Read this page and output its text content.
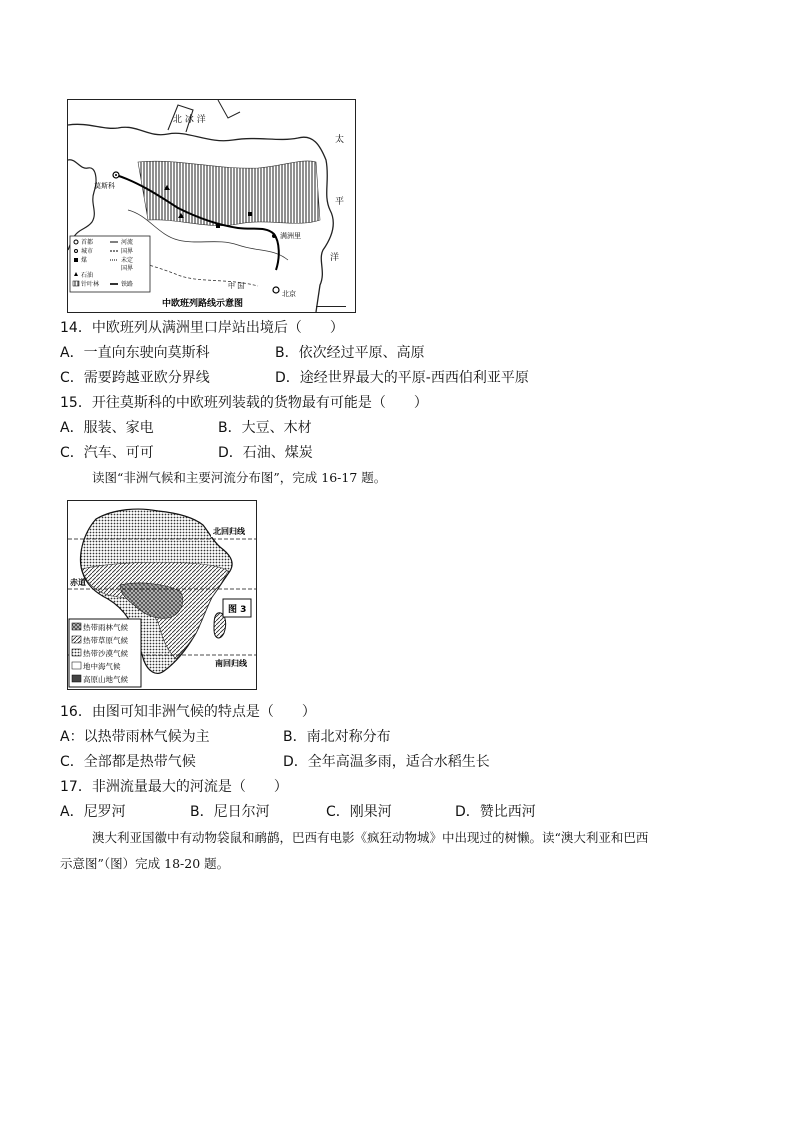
北 冰 洋
太
平
洋
莫斯科
满洲里
中 国
北京
首都	河流
城市	国界
煤	未定
国界
石油
针叶林	铁路
中欧班列路线示意图
14．中欧班列从满洲里口岸站出境后（　　）
A．一直向东驶向莫斯科	B．依次经过平原、高原
C．需要跨越亚欧分界线	D．途经世界最大的平原-西西伯利亚平原
15．开往莫斯科的中欧班列装载的货物最有可能是（　　）
A．服装、家电	B．大豆、木材
C．汽车、可可	D．石油、煤炭
读图“非洲气候和主要河流分布图”，完成 16-17 题。
北回归线
赤道
图 3
南回归线
热带雨林气候
热带草原气候
热带沙漠气候
地中海气候
高原山地气候
16．由图可知非洲气候的特点是（　　）
A：以热带雨林气候为主	B．南北对称分布
C．全部都是热带气候	D．全年高温多雨，适合水稻生长
17．非洲流量最大的河流是（　　）
A．尼罗河	B．尼日尔河	C．刚果河	D．赞比西河
澳大利亚国徽中有动物袋鼠和鸸鹋，巴西有电影《疯狂动物城》中出现过的树懒。读“澳大利亚和巴西
示意图”（图）完成 18-20 题。
